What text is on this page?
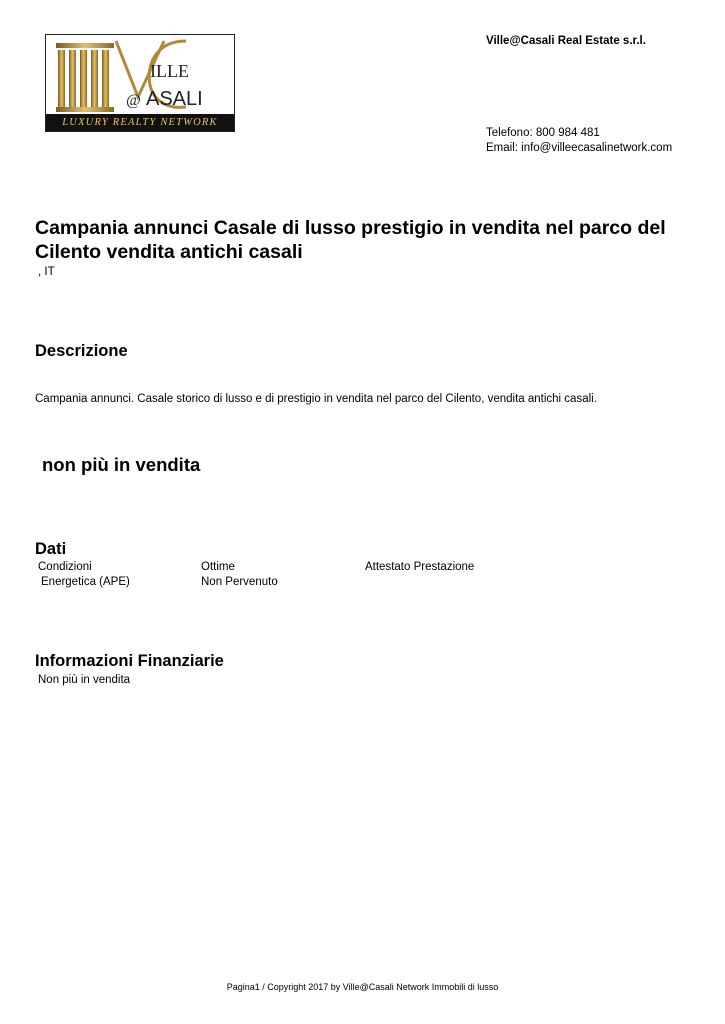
ILLE
@ ASALI
LUXURY REALTY NETWORK
Ville@Casali Real Estate s.r.l.
Telefono: 800 984 481
Email: info@villeecasalinetwork.com
Campania annunci Casale di lusso prestigio in vendita nel parco del Cilento vendita antichi casali
, IT
Descrizione
Campania annunci. Casale storico di lusso e di prestigio in vendita nel parco del Cilento, vendita antichi casali.
non più in vendita
Dati
Condizioni	Ottime	Attestato Prestazione
Energetica (APE)	Non Pervenuto
Informazioni Finanziarie
Non più in vendita
Pagina1 / Copyright 2017 by Ville@Casali Network Immobili di lusso
